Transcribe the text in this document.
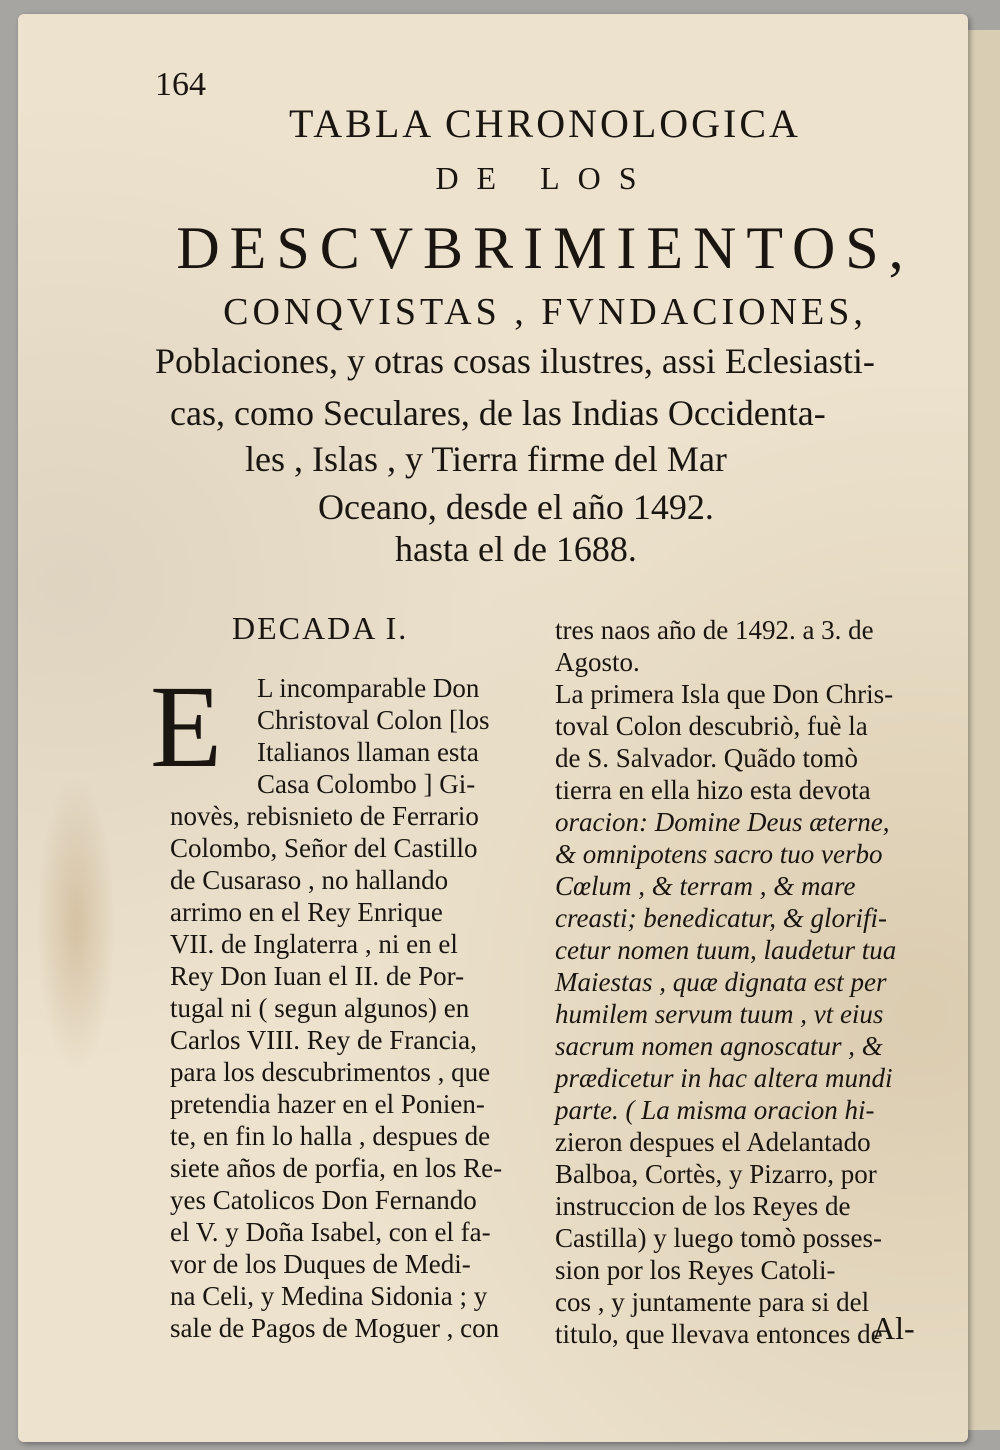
164
TABLA CHRONOLOGICA
DE LOS
DESCVBRIMIENTOS,
CONQVISTAS , FVNDACIONES,
Poblaciones, y otras cosas ilustres, assi Eclesiasti-
cas, como Seculares, de las Indias Occidenta-
les , Islas , y Tierra firme del Mar
Oceano, desde el año 1492.
hasta el de 1688.
DECADA I.
E	L incomparable Don
Christoval Colon [los
Italianos llaman esta
Casa Colombo ] Gi-
novès, rebisnieto de Ferrario
Colombo, Señor del Castillo
de Cusaraso , no hallando
arrimo en el Rey Enrique
VII. de Inglaterra , ni en el
Rey Don Iuan el II. de Por-
tugal ni ( segun algunos) en
Carlos VIII. Rey de Francia,
para los descubrimentos , que
pretendia hazer en el Ponien-
te, en fin lo halla , despues de
siete años de porfia, en los Re-
yes Catolicos Don Fernando
el V. y Doña Isabel, con el fa-
vor de los Duques de Medi-
na Celi, y Medina Sidonia ; y
sale de Pagos de Moguer , con
tres naos año de 1492. a 3. de
Agosto.
La primera Isla que Don Chris-
toval Colon descubriò, fuè la
de S. Salvador. Quãdo tomò
tierra en ella hizo esta devota
oracion: Domine Deus æterne,
& omnipotens sacro tuo verbo
Cœlum , & terram , & mare
creasti; benedicatur, & glorifi-
cetur nomen tuum, laudetur tua
Maiestas , quæ dignata est per
humilem servum tuum , vt eius
sacrum nomen agnoscatur , &
prædicetur in hac altera mundi
parte. ( La misma oracion hi-
zieron despues el Adelantado
Balboa, Cortès, y Pizarro, por
instruccion de los Reyes de
Castilla) y luego tomò posses-
sion por los Reyes Catoli-
cos , y juntamente para si del
titulo, que llevava entonces de
Al-
